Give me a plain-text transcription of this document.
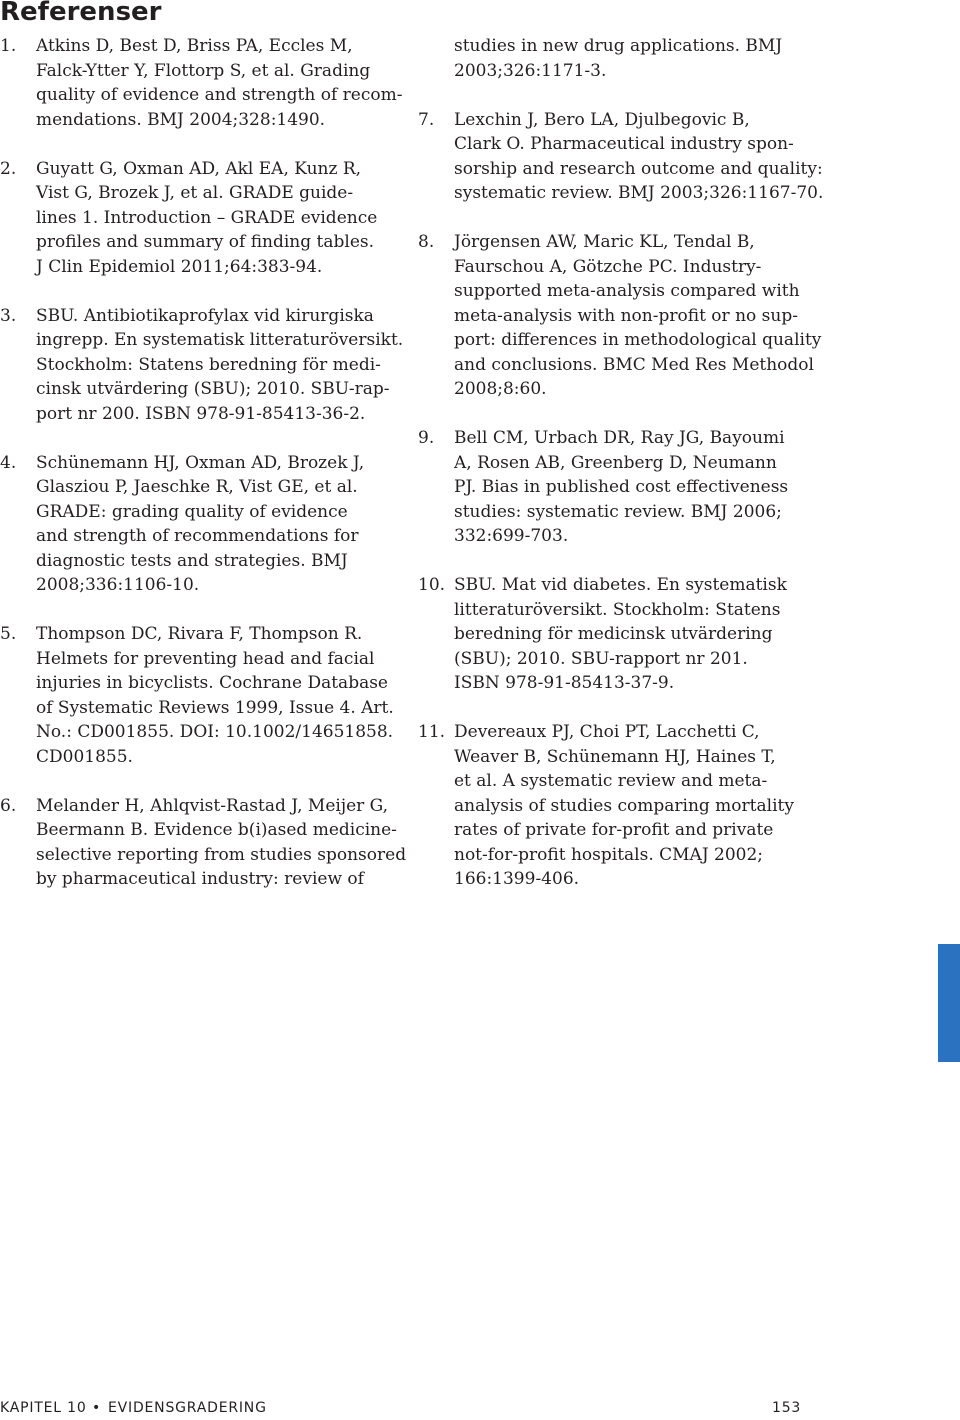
Referenser
1.	Atkins D, Best D, Briss PA, Eccles M,
Falck-Ytter Y, Flottorp S, et al. Grading
quality of evidence and strength of recom-
mendations. BMJ 2004;328:1490.
2.	Guyatt G, Oxman AD, Akl EA, Kunz R,
Vist G, Brozek J, et al. GRADE guide-
lines 1. Introduction – GRADE evidence
profiles and summary of finding tables.
J Clin Epidemiol 2011;64:383-94.
3.	SBU. Antibiotikaprofylax vid kirurgiska
ingrepp. En systematisk litteraturöversikt.
Stockholm: Statens beredning för medi-
cinsk utvärdering (SBU); 2010. SBU-rap-
port nr 200. ISBN 978-91-85413-36-2.
4.	Schünemann HJ, Oxman AD, Brozek J,
Glasziou P, Jaeschke R, Vist GE, et al.
GRADE: grading quality of evidence
and strength of recommendations for
diagnostic tests and strategies. BMJ
2008;336:1106-10.
5.	Thompson DC, Rivara F, Thompson R.
Helmets for preventing head and facial
injuries in bicyclists. Cochrane Database
of Systematic Reviews 1999, Issue 4. Art.
No.: CD001855. DOI: 10.1002/14651858.
CD001855.
6.	Melander H, Ahlqvist-Rastad J, Meijer G,
Beermann B. Evidence b(i)ased medicine-
selective reporting from studies sponsored
by pharmaceutical industry: review of
studies in new drug applications. BMJ
2003;326:1171-3.
7.	Lexchin J, Bero LA, Djulbegovic B,
Clark O. Pharmaceutical industry spon-
sorship and research outcome and quality:
systematic review. BMJ 2003;326:1167-70.
8.	Jörgensen AW, Maric KL, Tendal B,
Faurschou A, Götzche PC. Industry-
supported meta-analysis compared with
meta-analysis with non-profit or no sup-
port: differences in methodological quality
and conclusions. BMC Med Res Methodol
2008;8:60.
9.	Bell CM, Urbach DR, Ray JG, Bayoumi
A, Rosen AB, Greenberg D, Neumann
PJ. Bias in published cost effectiveness
studies: systematic review. BMJ 2006;
332:699-703.
10. SBU. Mat vid diabetes. En systematisk
litteraturöversikt. Stockholm: Statens
beredning för medicinsk utvärdering
(SBU); 2010. SBU-rapport nr 201.
ISBN 978-91-85413-37-9.
11. Devereaux PJ, Choi PT, Lacchetti C,
Weaver B, Schünemann HJ, Haines T,
et al. A systematic review and meta-
analysis of studies comparing mortality
rates of private for-profit and private
not-for-profit hospitals. CMAJ 2002;
166:1399-406.
KAPITEL 10 • EVIDENSGRADERING	153
